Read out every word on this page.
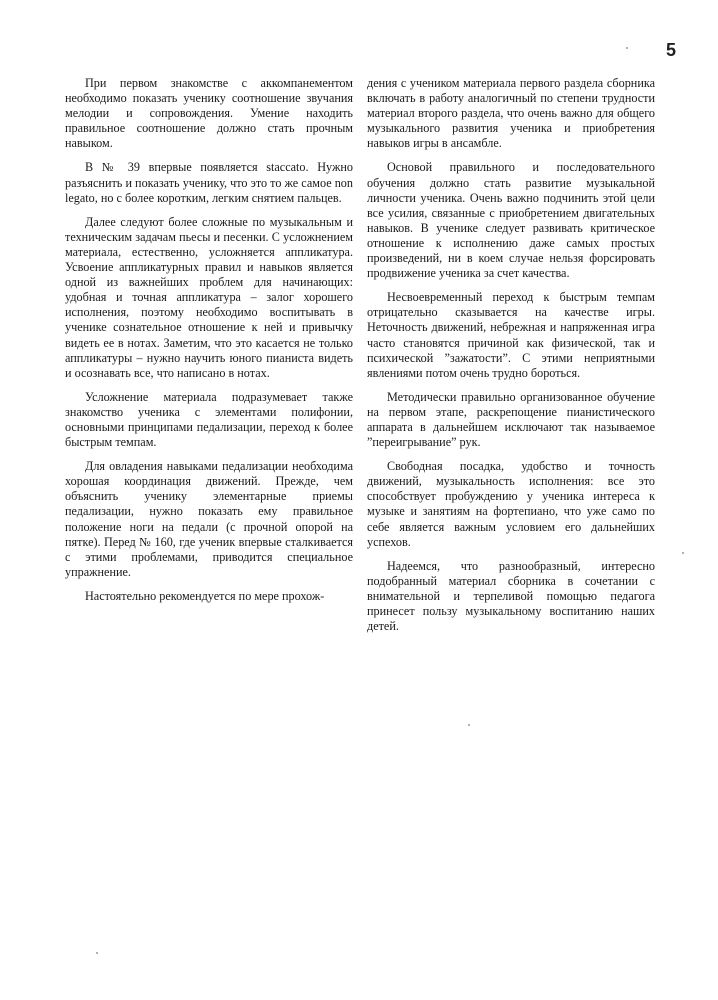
5

При первом знакомстве с аккомпанементом необходимо показать ученику соотношение звучания мелодии и сопровождения. Умение находить правильное соотношение должно стать прочным навыком.

В № 39 впервые появляется staccato. Нужно разъяснить и показать ученику, что это то же самое non legato, но с более коротким, легким снятием пальцев.

Далее следуют более сложные по музыкальным и техническим задачам пьесы и песенки. С усложнением материала, естественно, усложняется аппликатура. Усвоение аппликатурных правил и навыков является одной из важнейших проблем для начинающих: удобная и точная аппликатура – залог хорошего исполнения, поэтому необходимо воспитывать в ученике сознательное отношение к ней и привычку видеть ее в нотах. Заметим, что это касается не только аппликатуры – нужно научить юного пианиста видеть и осознавать все, что написано в нотах.

Усложнение материала подразумевает также знакомство ученика с элементами полифонии, основными принципами педализации, переход к более быстрым темпам.

Для овладения навыками педализации необходима хорошая координация движений. Прежде, чем объяснить ученику элементарные приемы педализации, нужно показать ему правильное положение ноги на педали (с прочной опорой на пятке). Перед № 160, где ученик впервые сталкивается с этими проблемами, приводится специальное упражнение.

Настоятельно рекомендуется по мере прохож-

дения с учеником материала первого раздела сборника включать в работу аналогичный по степени трудности материал второго раздела, что очень важно для общего музыкального развития ученика и приобретения навыков игры в ансамбле.

Основой правильного и последовательного обучения должно стать развитие музыкальной личности ученика. Очень важно подчинить этой цели все усилия, связанные с приобретением двигательных навыков. В ученике следует развивать критическое отношение к исполнению даже самых простых произведений, ни в коем случае нельзя форсировать продвижение ученика за счет качества.

Несвоевременный переход к быстрым темпам отрицательно сказывается на качестве игры. Неточность движений, небрежная и напряженная игра часто становятся причиной как физической, так и психической ”зажатости”. С этими неприятными явлениями потом очень трудно бороться.

Методически правильно организованное обучение на первом этапе, раскрепощение пианистического аппарата в дальнейшем исключают так называемое ”переигрывание” рук.

Свободная посадка, удобство и точность движений, музыкальность исполнения: все это способствует пробуждению у ученика интереса к музыке и занятиям на фортепиано, что уже само по себе является важным условием его дальнейших успехов.

Надеемся, что разнообразный, интересно подобранный материал сборника в сочетании с внимательной и терпеливой помощью педагога принесет пользу музыкальному воспитанию наших детей.
